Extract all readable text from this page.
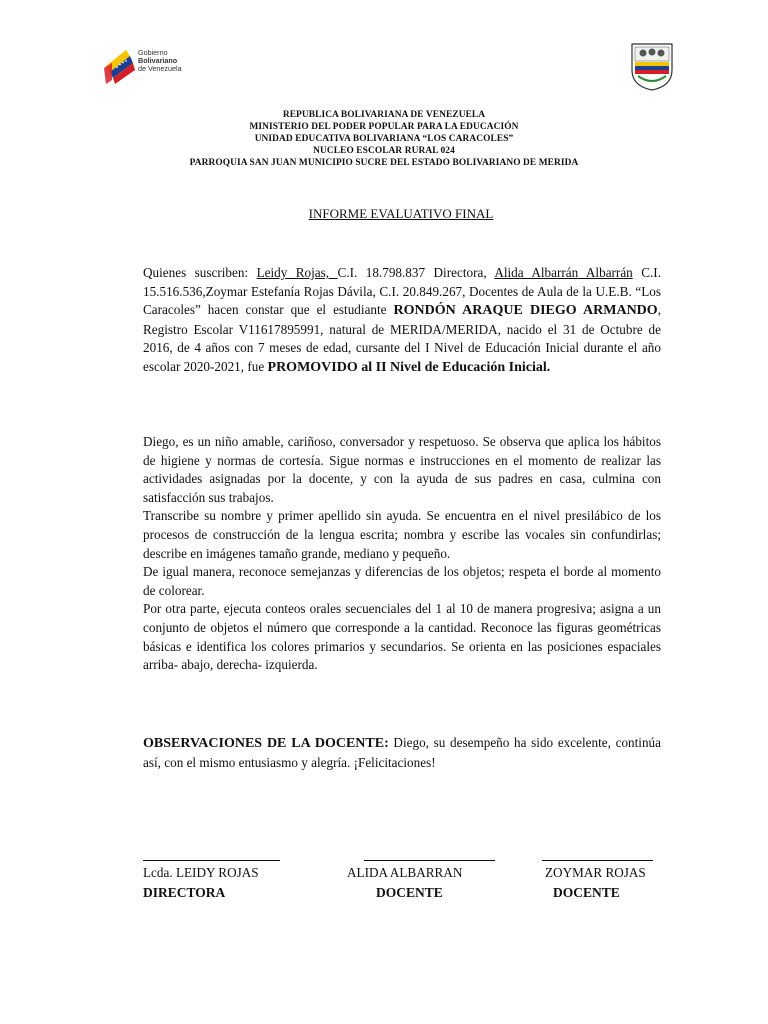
Gobierno
Bolivariano
de Venezuela
REPUBLICA BOLIVARIANA DE VENEZUELA
MINISTERIO DEL PODER POPULAR PARA LA EDUCACIÓN
UNIDAD EDUCATIVA BOLIVARIANA “LOS CARACOLES”
NUCLEO ESCOLAR RURAL 024
PARROQUIA SAN JUAN MUNICIPIO SUCRE DEL ESTADO BOLIVARIANO DE MERIDA
INFORME EVALUATIVO FINAL
Quienes suscriben: Leidy Rojas, C.I. 18.798.837 Directora, Alida Albarrán Albarrán C.I. 15.516.536,Zoymar Estefanía Rojas Dávila, C.I. 20.849.267, Docentes de Aula de la U.E.B. “Los Caracoles” hacen constar que el estudiante RONDÓN ARAQUE DIEGO ARMANDO, Registro Escolar V11617895991, natural de MERIDA/MERIDA, nacido el 31 de Octubre de 2016, de 4 años con 7 meses de edad, cursante del I Nivel de Educación Inicial durante el año escolar 2020-2021, fue PROMOVIDO al II Nivel de Educación Inicial.
Diego, es un niño amable, cariñoso, conversador y respetuoso. Se observa que aplica los hábitos de higiene y normas de cortesía. Sigue normas e instrucciones en el momento de realizar las actividades asignadas por la docente, y con la ayuda de sus padres en casa, culmina con satisfacción sus trabajos.
Transcribe su nombre y primer apellido sin ayuda. Se encuentra en el nivel presilábico de los procesos de construcción de la lengua escrita; nombra y escribe las vocales sin confundirlas; describe en imágenes tamaño grande, mediano y pequeño.
De igual manera, reconoce semejanzas y diferencias de los objetos; respeta el borde al momento de colorear.
Por otra parte, ejecuta conteos orales secuenciales del 1 al 10 de manera progresiva; asigna a un conjunto de objetos el número que corresponde a la cantidad. Reconoce las figuras geométricas básicas e identifica los colores primarios y secundarios. Se orienta en las posiciones espaciales arriba- abajo, derecha- izquierda.
OBSERVACIONES DE LA DOCENTE: Diego, su desempeño ha sido excelente, continúa así, con el mismo entusiasmo y alegría. ¡Felicitaciones!
Lcda. LEIDY ROJAS	ALIDA ALBARRAN	ZOYMAR ROJAS
DIRECTORA	DOCENTE	DOCENTE
